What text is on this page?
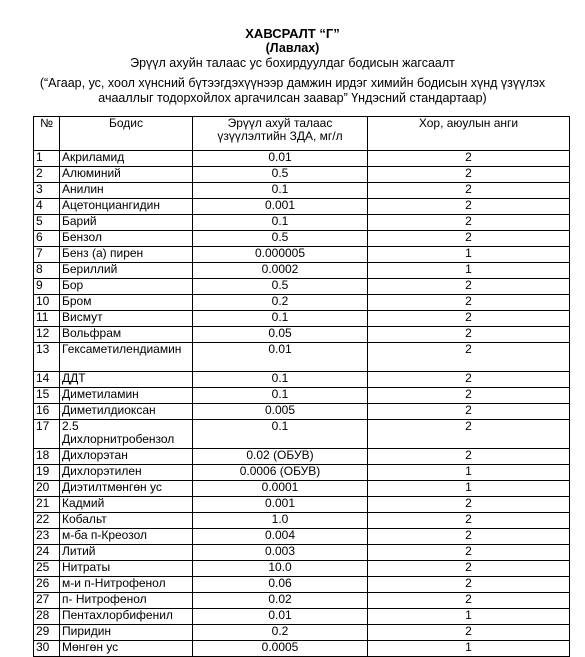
ХАВСРАЛТ “Г”
(Лавлах)
Эрүүл ахуйн талаас ус бохирдуулдаг бодисын жагсаалт
(“Агаар, ус, хоол хүнсний бүтээгдэхүүнээр дамжин ирдэг химийн бодисын хүнд үзүүлэх
ачааллыг тодорхойлох аргачилсан заавар” Үндэсний стандартаар)
№	Бодис	Эрүүл ахуй талаас үзүүлэлтийн ЗДА, мг/л	Хор, аюулын анги
1	Акриламид	0.01	2
2	Алюминий	0.5	2
3	Анилин	0.1	2
4	Ацетонциангидин	0.001	2
5	Барий	0.1	2
6	Бензол	0.5	2
7	Бенз (а) пирен	0.000005	1
8	Бериллий	0.0002	1
9	Бор	0.5	2
10	Бром	0.2	2
11	Висмут	0.1	2
12	Вольфрам	0.05	2
13	Гексаметилендиамин	0.01	2
14	ДДТ	0.1	2
15	Диметиламин	0.1	2
16	Диметилдиоксан	0.005	2
17	2.5 Дихлорнитробензол	0.1	2
18	Дихлорэтан	0.02 (ОБУВ)	2
19	Дихлорэтилен	0.0006 (ОБУВ)	1
20	Диэтилтмөнгөн ус	0.0001	1
21	Кадмий	0.001	2
22	Кобальт	1.0	2
23	м-ба п-Креозол	0.004	2
24	Литий	0.003	2
25	Нитраты	10.0	2
26	м-и п-Нитрофенол	0.06	2
27	п- Нитрофенол	0.02	2
28	Пентахлорбифенил	0.01	1
29	Пиридин	0.2	2
30	Мөнгөн ус	0.0005	1
